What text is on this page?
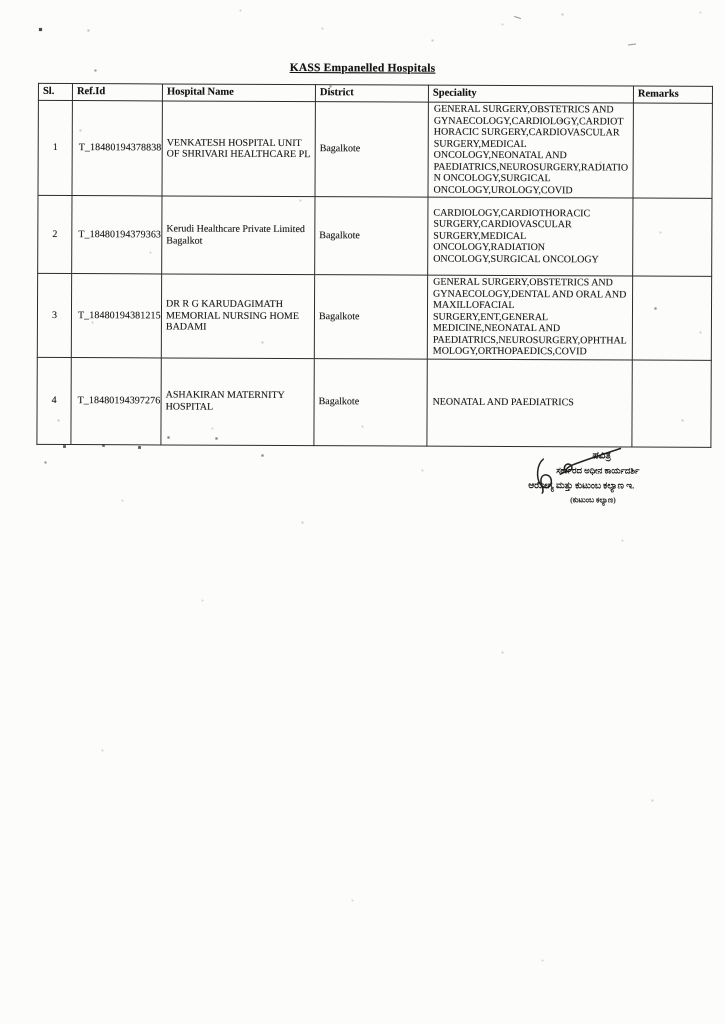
KASS Empanelled Hospitals
Sl.	Ref.Id	Hospital Name	District	Speciality	Remarks
1	T_18480194378838	VENKATESH HOSPITAL UNIT OF SHRIVARI HEALTHCARE PL	Bagalkote	GENERAL SURGERY,OBSTETRICS AND GYNAECOLOGY,CARDIOLOGY,CARDIOTHORACIC SURGERY,CARDIOVASCULAR SURGERY,MEDICAL ONCOLOGY,NEONATAL AND PAEDIATRICS,NEUROSURGERY,RADIATION ONCOLOGY,SURGICAL ONCOLOGY,UROLOGY,COVID	
2	T_18480194379363	Kerudi Healthcare Private Limited Bagalkot	Bagalkote	CARDIOLOGY,CARDIOTHORACIC SURGERY,CARDIOVASCULAR SURGERY,MEDICAL ONCOLOGY,RADIATION ONCOLOGY,SURGICAL ONCOLOGY	
3	T_18480194381215	DR R G KARUDAGIMATH MEMORIAL NURSING HOME BADAMI	Bagalkote	GENERAL SURGERY,OBSTETRICS AND GYNAECOLOGY,DENTAL AND ORAL AND MAXILLOFACIAL SURGERY,ENT,GENERAL MEDICINE,NEONATAL AND PAEDIATRICS,NEUROSURGERY,OPHTHALMOLOGY,ORTHOPAEDICS,COVID	
4	T_18480194397276	ASHAKIRAN MATERNITY HOSPITAL	Bagalkote	NEONATAL AND PAEDIATRICS	
ಪವಿತ್ರ
ಸರ್ಕಾರದ ಅಧೀನ ಕಾರ್ಯದರ್ಶಿ
ಆರೋಗ್ಯ ಮತ್ತು ಕುಟುಂಬ ಕಲ್ಯಾಣ ಇ.
(ಕುಟುಂಬ ಕಲ್ಯಾಣ)
